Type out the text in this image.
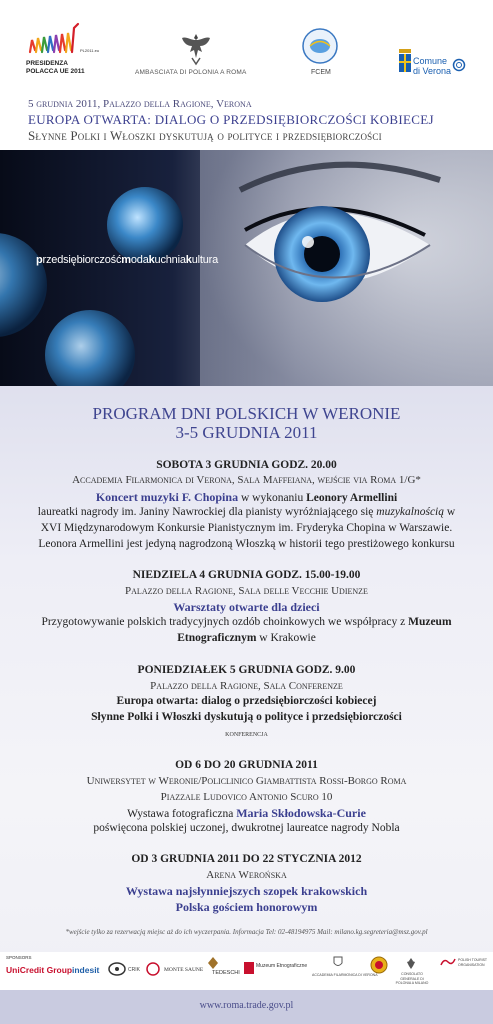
PL2011.eu
PRESIDENZA
POLACCA UE 2011	AMBASCIATA DI POLONIA A ROMA	FCEM
Comune
di Verona
5 grudnia 2011, Palazzo della Ragione, Verona
EUROPA OTWARTA: DIALOG O PRZEDSIĘBIORCZOŚCI KOBIECEJ
Słynne Polki i Włoszki dyskutują o polityce i przedsiębiorczości
przedsiębiorczośćmodakuchniakultura
PROGRAM DNI POLSKICH W WERONIE
3-5 GRUDNIA 2011
SOBOTA 3 GRUDNIA GODZ. 20.00
Accademia Filarmonica di Verona, Sala Maffeiana, wejście via Roma 1/G*
Koncert muzyki F. Chopina w wykonaniu Leonory Armellini
laureatki nagrody im. Janiny Nawrockiej dla pianisty wyróżniającego się muzykalnością w
XVI Międzynarodowym Konkursie Pianistycznym im. Fryderyka Chopina w Warszawie.
Leonora Armellini jest jedyną nagrodzoną Włoszką w historii tego prestiżowego konkursu
NIEDZIELA 4 GRUDNIA GODZ. 15.00-19.00
Palazzo della Ragione, Sala delle Vecchie Udienze
Warsztaty otwarte dla dzieci
Przygotowywanie polskich tradycyjnych ozdób choinkowych we współpracy z Muzeum
Etnograficznym w Krakowie
PONIEDZIAŁEK 5 GRUDNIA GODZ. 9.00
Palazzo della Ragione, Sala Conferenze
Europa otwarta: dialog o przedsiębiorczości kobiecej
Słynne Polki i Włoszki dyskutują o polityce i przedsiębiorczości
konferencja
OD 6 DO 20 GRUDNIA 2011
Uniwersytet w Weronie/Policlinico Giambattista Rossi-Borgo Roma
Piazzale Ludovico Antonio Scuro 10
Wystawa fotograficzna Maria Skłodowska-Curie
poświęcona polskiej uczonej, dwukrotnej laureatce nagrody Nobla
OD 3 GRUDNIA 2011 DO 22 STYCZNIA 2012
Arena Werońska
Wystawa najsłynniejszych szopek krakowskich
Polska gościem honorowym
*wejście tylko za rezerwacją miejsc aż do ich wyczerpania. Informacja Tel: 02-48194975 Mail: milano.kg.segreteria@msz.gov.pl
SPONSORS
UniCredit Group indesit	CRIK	MONTE SAUNE TEDESCHI
Muzeum Etnograficzne
ACCADEMIA FILARMONICA DI VERONA	CONSOLATO GENERALE DI POLONIA A MILANO
POLISH TOURIST ORGANISATION
www.roma.trade.gov.pl
